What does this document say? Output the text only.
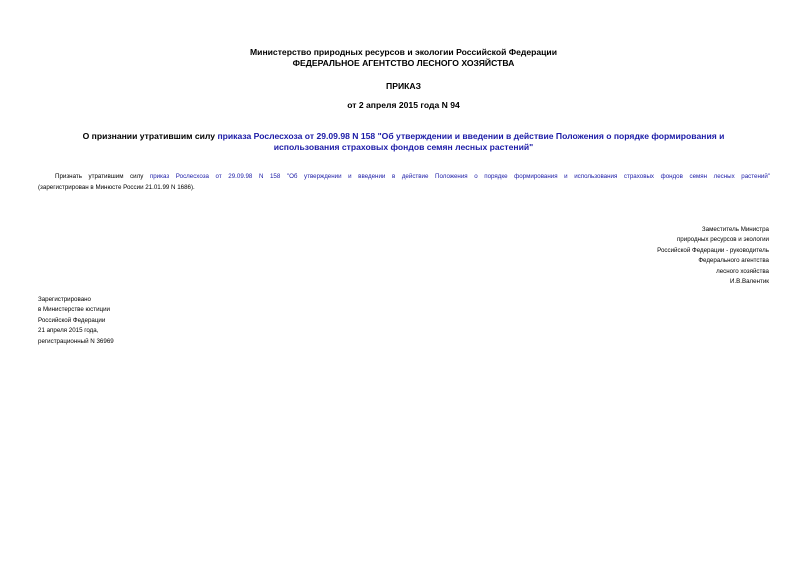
Министерство природных ресурсов и экологии Российской Федерации
ФЕДЕРАЛЬНОЕ АГЕНТСТВО ЛЕСНОГО ХОЗЯЙСТВА
ПРИКАЗ
от 2 апреля 2015 года N 94
О признании утратившим силу приказа Рослесхоза от 29.09.98 N 158 "Об утверждении и введении в действие Положения о порядке формирования и использования страховых фондов семян лесных растений"
Признать утратившим силу приказ Рослесхоза от 29.09.98 N 158 "Об утверждении и введении в действие Положения о порядке формирования и использования страховых фондов семян лесных растений"
(зарегистрирован в Минюсте России 21.01.99 N 1686).
Заместитель Министра
природных ресурсов и экологии
Российской Федерации - руководитель
Федерального агентства
лесного хозяйства
И.В.Валентик
Зарегистрировано
в Министерстве юстиции
Российской Федерации
21 апреля 2015 года,
регистрационный N 36969
